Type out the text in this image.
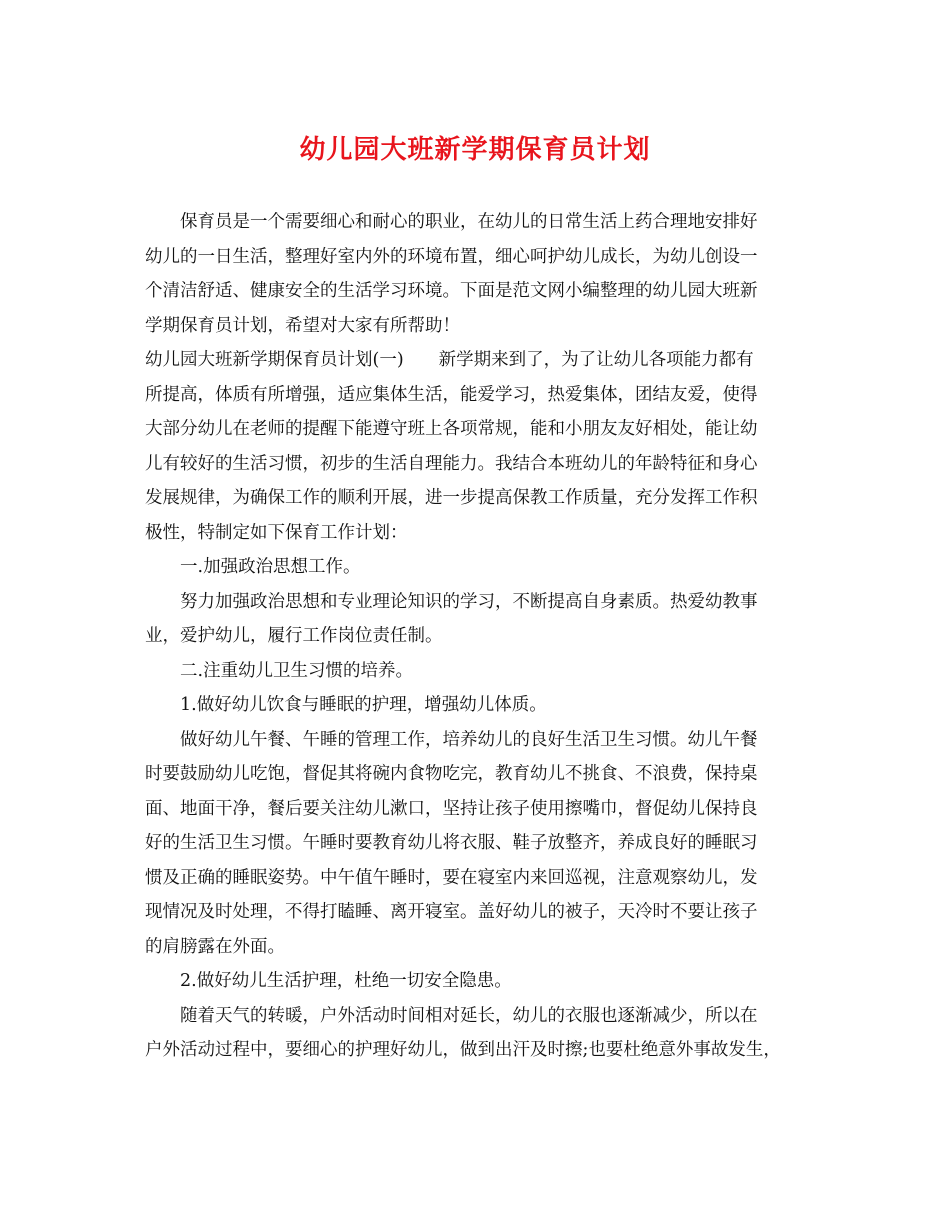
幼儿园大班新学期保育员计划
保育员是一个需要细心和耐心的职业，在幼儿的日常生活上药合理地安排好
幼儿的一日生活，整理好室内外的环境布置，细心呵护幼儿成长，为幼儿创设一
个清洁舒适、健康安全的生活学习环境。下面是范文网小编整理的幼儿园大班新
学期保育员计划，希望对大家有所帮助！
幼儿园大班新学期保育员计划(一)　　新学期来到了，为了让幼儿各项能力都有
所提高，体质有所增强，适应集体生活，能爱学习，热爱集体，团结友爱，使得
大部分幼儿在老师的提醒下能遵守班上各项常规，能和小朋友友好相处，能让幼
儿有较好的生活习惯，初步的生活自理能力。我结合本班幼儿的年龄特征和身心
发展规律，为确保工作的顺利开展，进一步提高保教工作质量，充分发挥工作积
极性，特制定如下保育工作计划：
一.加强政治思想工作。
努力加强政治思想和专业理论知识的学习，不断提高自身素质。热爱幼教事
业，爱护幼儿，履行工作岗位责任制。
二.注重幼儿卫生习惯的培养。
1.做好幼儿饮食与睡眠的护理，增强幼儿体质。
做好幼儿午餐、午睡的管理工作，培养幼儿的良好生活卫生习惯。幼儿午餐
时要鼓励幼儿吃饱，督促其将碗内食物吃完，教育幼儿不挑食、不浪费，保持桌
面、地面干净，餐后要关注幼儿漱口，坚持让孩子使用擦嘴巾，督促幼儿保持良
好的生活卫生习惯。午睡时要教育幼儿将衣服、鞋子放整齐，养成良好的睡眠习
惯及正确的睡眠姿势。中午值午睡时，要在寝室内来回巡视，注意观察幼儿，发
现情况及时处理，不得打瞌睡、离开寝室。盖好幼儿的被子，天冷时不要让孩子
的肩膀露在外面。
2.做好幼儿生活护理，杜绝一切安全隐患。
随着天气的转暖，户外活动时间相对延长，幼儿的衣服也逐渐减少，所以在
户外活动过程中，要细心的护理好幼儿，做到出汗及时擦;也要杜绝意外事故发生，
